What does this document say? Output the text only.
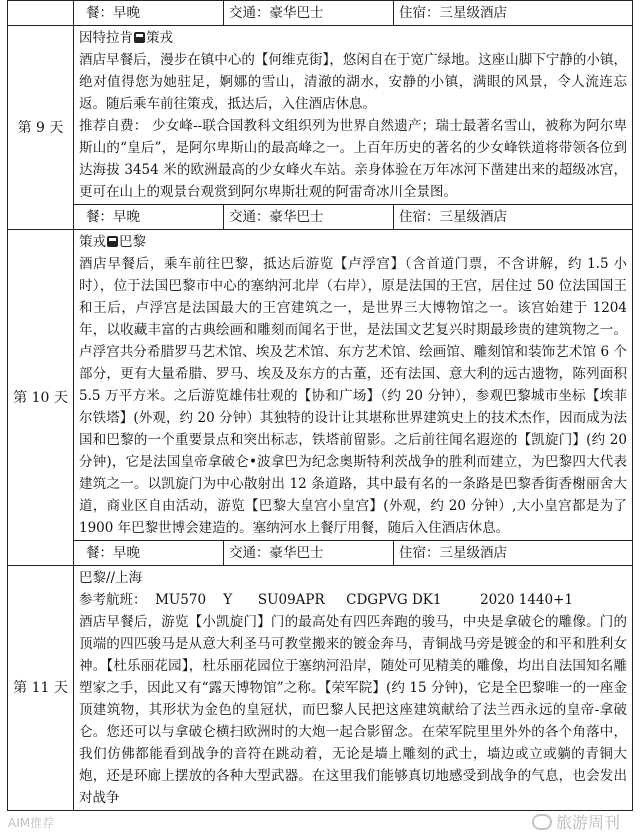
	餐：早晚	交通：豪华巴士	住宿：三星级酒店
第 9 天	因特拉肯 策戎

酒店早餐后，漫步在镇中心的【何维克街】，悠闲自在于宽广绿地。这座山脚下宁静的小镇，绝对值得您为她驻足，婀娜的雪山，清澈的湖水，安静的小镇，满眼的风景，令人流连忘返。随后乘车前往策戎，抵达后，入住酒店休息。

推荐自费： 少女峰--联合国教科文组织列为世界自然遗产；瑞士最著名雪山，被称为阿尔卑斯山的“皇后”，是阿尔卑斯山的最高峰之一。上百年历史的著名的少女峰铁道将带领各位到达海拔 3454 米的欧洲最高的少女峰火车站。亲身体验在万年冰河下凿建出来的超级冰宫，更可在山上的观景台观赏到阿尔卑斯壮观的阿雷奇冰川全景图。		

	餐：早晚	交通：豪华巴士	住宿：三星级酒店
第 10 天	策戎 巴黎

酒店早餐后，乘车前往巴黎，抵达后游览【卢浮宫】（含首道门票，不含讲解，约 1.5 小时），位于法国巴黎市中心的塞纳河北岸（右岸），原是法国的王宫，居住过 50 位法国国王和王后，卢浮宫是法国最大的王宫建筑之一，是世界三大博物馆之一。该宫始建于 1204 年，以收藏丰富的古典绘画和雕刻而闻名于世，是法国文艺复兴时期最珍贵的建筑物之一。卢浮宫共分希腊罗马艺术馆、埃及艺术馆、东方艺术馆、绘画馆、雕刻馆和装饰艺术馆 6 个部分，更有大量希腊、罗马、埃及及东方的古董，还有法国、意大利的远古遗物，陈列面积 5.5 万平方米。之后游览雄伟壮观的【协和广场】（约 20 分钟），参观巴黎城市坐标【埃菲尔铁塔】(外观，约 20 分钟）其独特的设计让其堪称世界建筑史上的技术杰作，因而成为法国和巴黎的一个重要景点和突出标志，铁塔前留影。之后前往闻名遐迩的【凯旋门】(约 20 分钟)，它是法国皇帝拿破仑•波拿巴为纪念奥斯特利茨战争的胜利而建立，为巴黎四大代表建筑之一。以凯旋门为中心散射出 12 条道路，其中最有名的一条路是巴黎香街香榭丽舍大道，商业区自由活动，游览【巴黎大皇宫小皇宫】(外观，约 20 分钟）,大小皇宫都是为了 1900 年巴黎世博会建造的。塞纳河水上餐厅用餐，随后入住酒店休息。		

	餐：早晚	交通：豪华巴士	住宿：三星级酒店
第 11 天	巴黎//上海

参考航班：  MU570    Y      SU09APR     CDGPVG DK1         2020 1440+1

酒店早餐后，游览【小凯旋门】门的最高处有四匹奔跑的骏马，中央是拿破仑的雕像。门的顶端的四匹骏马是从意大利圣马可教堂搬来的镀金奔马，青铜战马旁是镀金的和平和胜利女神。【杜乐丽花园】，杜乐丽花园位于塞纳河沿岸，随处可见精美的雕像，均出自法国知名雕塑家之手，因此又有“露天博物馆”之称。【荣军院】(约 15 分钟)，它是全巴黎唯一的一座金顶建筑物，其形状为金色的皇冠状，而巴黎人民把这座建筑献给了法兰西永远的皇帝-拿破仑。您还可以与拿破仑横扫欧洲时的大炮一起合影留念。在荣军院里里外外的各个角落中，我们仿佛都能看到战争的音符在跳动着，无论是墙上雕刻的武士，墙边或立或躺的青铜大炮，还是环廊上摆放的各种大型武器。在这里我们能够真切地感受到战争的气息，也会发出对战争		

AIM推荐	旅游周刊
